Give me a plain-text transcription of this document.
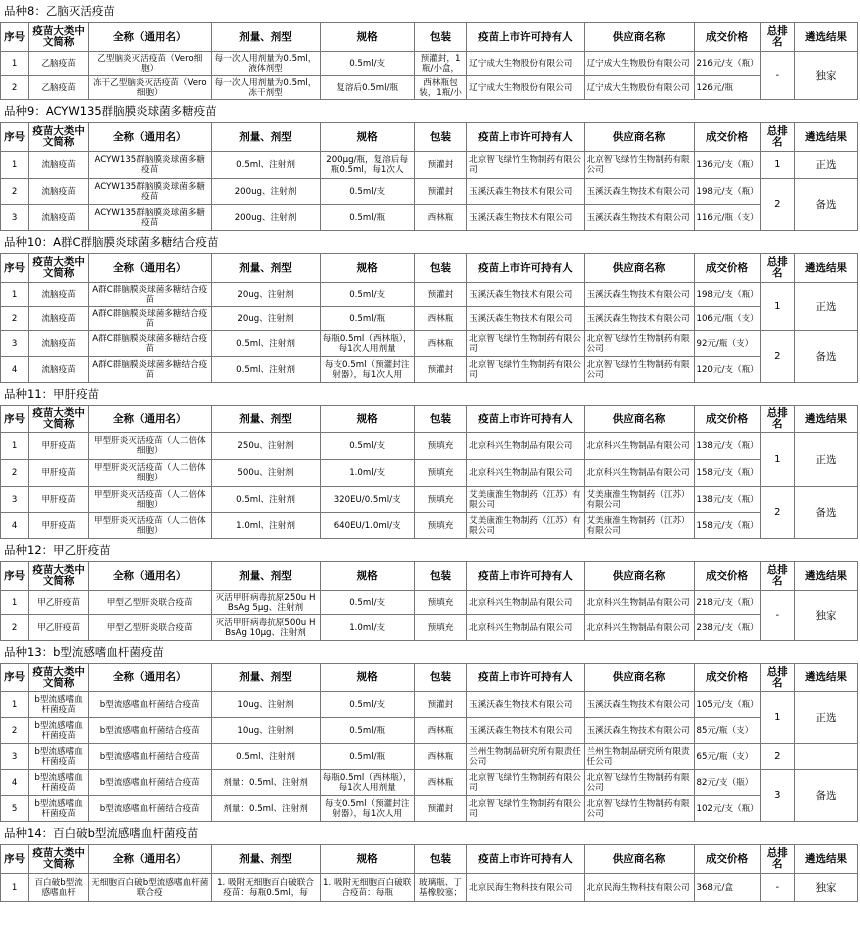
品种8：乙脑灭活疫苗
序号	疫苗大类中文简称	全称（通用名）	剂量、剂型	规格	包装	疫苗上市许可持有人	供应商名称	成交价格	总排名	遴选结果
1	乙脑疫苗	乙型脑炎灭活疫苗（Vero细胞）	每一次人用剂量为0.5ml，液体剂型	0.5ml/支	预灌封，1瓶/小盒，	辽宁成大生物股份有限公司	辽宁成大生物股份有限公司	216元/支（瓶）	-	独家
2	乙脑疫苗	冻干乙型脑炎灭活疫苗（Vero细胞）	每一次人用剂量为0.5ml，冻干剂型	复溶后0.5ml/瓶	西林瓶包装，1瓶/小	辽宁成大生物股份有限公司	辽宁成大生物股份有限公司	126元/瓶		
品种9：ACYW135群脑膜炎球菌多糖疫苗
序号	疫苗大类中文简称	全称（通用名）	剂量、剂型	规格	包装	疫苗上市许可持有人	供应商名称	成交价格	总排名	遴选结果
1	流脑疫苗	ACYW135群脑膜炎球菌多糖疫苗	0.5ml、注射剂	200μg/瓶，复溶后每瓶0.5ml，每1次人	预灌封	北京智飞绿竹生物制药有限公司	北京智飞绿竹生物制药有限公司	136元/支（瓶）	1	正选
2	流脑疫苗	ACYW135群脑膜炎球菌多糖疫苗	200ug、注射剂	0.5ml/支	预灌封	玉溪沃森生物技术有限公司	玉溪沃森生物技术有限公司	198元/支（瓶）	2	备选
3	流脑疫苗	ACYW135群脑膜炎球菌多糖疫苗	200ug、注射剂	0.5ml/瓶	西林瓶	玉溪沃森生物技术有限公司	玉溪沃森生物技术有限公司	116元/瓶（支）		
品种10：A群C群脑膜炎球菌多糖结合疫苗
序号	疫苗大类中文简称	全称（通用名）	剂量、剂型	规格	包装	疫苗上市许可持有人	供应商名称	成交价格	总排名	遴选结果
1	流脑疫苗	A群C群脑膜炎球菌多糖结合疫苗	20ug、注射剂	0.5ml/支	预灌封	玉溪沃森生物技术有限公司	玉溪沃森生物技术有限公司	198元/支（瓶）	1	正选
2	流脑疫苗	A群C群脑膜炎球菌多糖结合疫苗	20ug、注射剂	0.5ml/瓶	西林瓶	玉溪沃森生物技术有限公司	玉溪沃森生物技术有限公司	106元/瓶（支）		
3	流脑疫苗	A群C群脑膜炎球菌多糖结合疫苗	0.5ml、注射剂	每瓶0.5ml（西林瓶），每1次人用剂量	西林瓶	北京智飞绿竹生物制药有限公司	北京智飞绿竹生物制药有限公司	92元/瓶（支）	2	备选
4	流脑疫苗	A群C群脑膜炎球菌多糖结合疫苗	0.5ml、注射剂	每支0.5ml（预灌封注射器），每1次人用	预灌封	北京智飞绿竹生物制药有限公司	北京智飞绿竹生物制药有限公司	120元/支（瓶）		
品种11：甲肝疫苗
序号	疫苗大类中文简称	全称（通用名）	剂量、剂型	规格	包装	疫苗上市许可持有人	供应商名称	成交价格	总排名	遴选结果
1	甲肝疫苗	甲型肝炎灭活疫苗（人二倍体细胞）	250u、注射剂	0.5ml/支	预填充	北京科兴生物制品有限公司	北京科兴生物制品有限公司	138元/支（瓶）	1	正选
2	甲肝疫苗	甲型肝炎灭活疫苗（人二倍体细胞）	500u、注射剂	1.0ml/支	预填充	北京科兴生物制品有限公司	北京科兴生物制品有限公司	158元/支（瓶）		
3	甲肝疫苗	甲型肝炎灭活疫苗（人二倍体细胞）	0.5ml、注射剂	320EU/0.5ml/支	预填充	艾美康淮生物制药（江苏）有限公司	艾美康淮生物制药（江苏）有限公司	138元/支（瓶）	2	备选
4	甲肝疫苗	甲型肝炎灭活疫苗（人二倍体细胞）	1.0ml、注射剂	640EU/1.0ml/支	预填充	艾美康淮生物制药（江苏）有限公司	艾美康淮生物制药（江苏）有限公司	158元/支（瓶）		
品种12：甲乙肝疫苗
序号	疫苗大类中文简称	全称（通用名）	剂量、剂型	规格	包装	疫苗上市许可持有人	供应商名称	成交价格	总排名	遴选结果
1	甲乙肝疫苗	甲型乙型肝炎联合疫苗	灭活甲肝病毒抗原250u HBsAg 5μg、注射剂	0.5ml/支	预填充	北京科兴生物制品有限公司	北京科兴生物制品有限公司	218元/支（瓶）	-	独家
2	甲乙肝疫苗	甲型乙型肝炎联合疫苗	灭活甲肝病毒抗原500u HBsAg 10μg、注射剂	1.0ml/支	预填充	北京科兴生物制品有限公司	北京科兴生物制品有限公司	238元/支（瓶）		
品种13：b型流感嗜血杆菌疫苗
序号	疫苗大类中文简称	全称（通用名）	剂量、剂型	规格	包装	疫苗上市许可持有人	供应商名称	成交价格	总排名	遴选结果
1	b型流感嗜血杆菌疫苗	b型流感嗜血杆菌结合疫苗	10ug、注射剂	0.5ml/支	预灌封	玉溪沃森生物技术有限公司	玉溪沃森生物技术有限公司	105元/支（瓶）	1	正选
2	b型流感嗜血杆菌疫苗	b型流感嗜血杆菌结合疫苗	10ug、注射剂	0.5ml/瓶	西林瓶	玉溪沃森生物技术有限公司	玉溪沃森生物技术有限公司	85元/瓶（支）		
3	b型流感嗜血杆菌疫苗	b型流感嗜血杆菌结合疫苗	0.5ml、注射剂	0.5ml/瓶	西林瓶	兰州生物制品研究所有限责任公司	兰州生物制品研究所有限责任公司	65元/瓶（支）	2	
4	b型流感嗜血杆菌疫苗	b型流感嗜血杆菌结合疫苗	剂量：0.5ml、注射剂	每瓶0.5ml（西林瓶），每1次人用剂量	西林瓶	北京智飞绿竹生物制药有限公司	北京智飞绿竹生物制药有限公司	82元/支（瓶）	3	备选
5	b型流感嗜血杆菌疫苗	b型流感嗜血杆菌结合疫苗	剂量：0.5ml、注射剂	每支0.5ml（预灌封注射器），每1次人用	预灌封	北京智飞绿竹生物制药有限公司	北京智飞绿竹生物制药有限公司	102元/支（瓶）		
品种14：百白破b型流感嗜血杆菌疫苗
序号	疫苗大类中文简称	全称（通用名）	剂量、剂型	规格	包装	疫苗上市许可持有人	供应商名称	成交价格	总排名	遴选结果
1	百白破b型流感嗜血杆	无细胞百白破b型流感嗜血杆菌联合疫	1. 吸附无细胞百白破联合疫苗：每瓶0.5ml，每	1. 吸附无细胞百白破联合疫苗：每瓶	玻璃瓶、丁基橡胶塞；	北京民海生物科技有限公司	北京民海生物科技有限公司	368元/盒	-	独家
